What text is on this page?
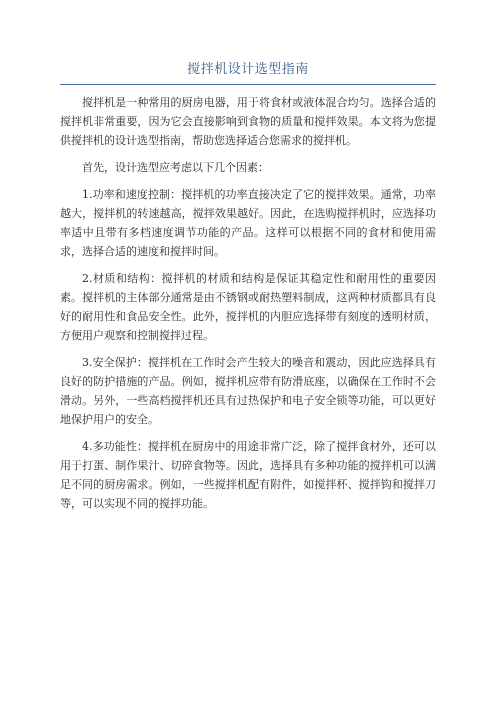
搅拌机设计选型指南

搅拌机是一种常用的厨房电器，用于将食材或液体混合均匀。选择合适的搅拌机非常重要，因为它会直接影响到食物的质量和搅拌效果。本文将为您提供搅拌机的设计选型指南，帮助您选择适合您需求的搅拌机。

首先，设计选型应考虑以下几个因素：

1.功率和速度控制：搅拌机的功率直接决定了它的搅拌效果。通常，功率越大，搅拌机的转速越高，搅拌效果越好。因此，在选购搅拌机时，应选择功率适中且带有多档速度调节功能的产品。这样可以根据不同的食材和使用需求，选择合适的速度和搅拌时间。

2.材质和结构：搅拌机的材质和结构是保证其稳定性和耐用性的重要因素。搅拌机的主体部分通常是由不锈钢或耐热塑料制成，这两种材质都具有良好的耐用性和食品安全性。此外，搅拌机的内胆应选择带有刻度的透明材质，方便用户观察和控制搅拌过程。

3.安全保护：搅拌机在工作时会产生较大的噪音和震动，因此应选择具有良好的防护措施的产品。例如，搅拌机应带有防滑底座，以确保在工作时不会滑动。另外，一些高档搅拌机还具有过热保护和电子安全锁等功能，可以更好地保护用户的安全。

4.多功能性：搅拌机在厨房中的用途非常广泛，除了搅拌食材外，还可以用于打蛋、制作果汁、切碎食物等。因此，选择具有多种功能的搅拌机可以满足不同的厨房需求。例如，一些搅拌机配有附件，如搅拌杯、搅拌钩和搅拌刀等，可以实现不同的搅拌功能。
